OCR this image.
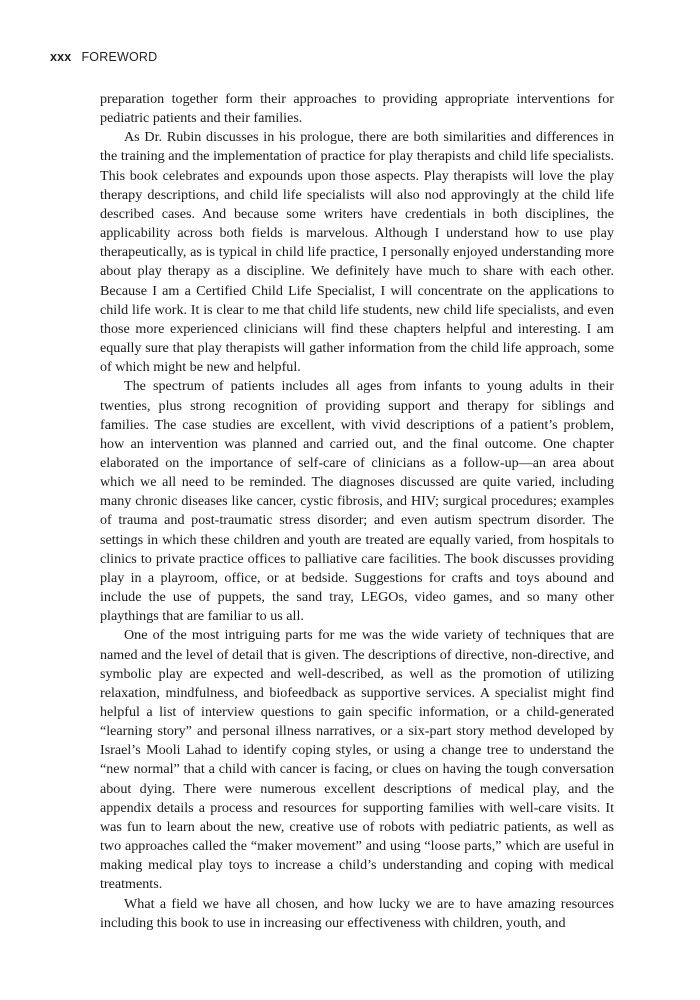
xxx FOREWORD

preparation together form their approaches to providing appropriate interventions for pediatric patients and their families.

As Dr. Rubin discusses in his prologue, there are both similarities and differences in the training and the implementation of practice for play therapists and child life specialists. This book celebrates and expounds upon those aspects. Play therapists will love the play therapy descriptions, and child life specialists will also nod approvingly at the child life described cases. And because some writers have credentials in both disciplines, the applicability across both fields is marvelous. Although I understand how to use play therapeutically, as is typical in child life practice, I personally enjoyed understanding more about play therapy as a discipline. We definitely have much to share with each other. Because I am a Certified Child Life Specialist, I will concentrate on the applications to child life work. It is clear to me that child life students, new child life specialists, and even those more experienced clinicians will find these chapters helpful and interesting. I am equally sure that play therapists will gather information from the child life approach, some of which might be new and helpful.

The spectrum of patients includes all ages from infants to young adults in their twenties, plus strong recognition of providing support and therapy for siblings and families. The case studies are excellent, with vivid descriptions of a patient’s problem, how an intervention was planned and carried out, and the final outcome. One chapter elaborated on the importance of self-care of clinicians as a follow-up—an area about which we all need to be reminded. The diagnoses discussed are quite varied, including many chronic diseases like cancer, cystic fibrosis, and HIV; surgical procedures; examples of trauma and post-traumatic stress disorder; and even autism spectrum disorder. The settings in which these children and youth are treated are equally varied, from hospitals to clinics to private practice offices to palliative care facilities. The book discusses providing play in a playroom, office, or at bedside. Suggestions for crafts and toys abound and include the use of puppets, the sand tray, LEGOs, video games, and so many other playthings that are familiar to us all.

One of the most intriguing parts for me was the wide variety of techniques that are named and the level of detail that is given. The descriptions of directive, non-directive, and symbolic play are expected and well-described, as well as the promotion of utilizing relaxation, mindfulness, and biofeedback as supportive services. A specialist might find helpful a list of interview questions to gain specific information, or a child-generated “learning story” and personal illness narratives, or a six-part story method developed by Israel’s Mooli Lahad to identify coping styles, or using a change tree to understand the “new normal” that a child with cancer is facing, or clues on having the tough conversation about dying. There were numerous excellent descriptions of medical play, and the appendix details a process and resources for supporting families with well-care visits. It was fun to learn about the new, creative use of robots with pediatric patients, as well as two approaches called the “maker movement” and using “loose parts,” which are useful in making medical play toys to increase a child’s understanding and coping with medical treatments.

What a field we have all chosen, and how lucky we are to have amazing resources including this book to use in increasing our effectiveness with children, youth, and
